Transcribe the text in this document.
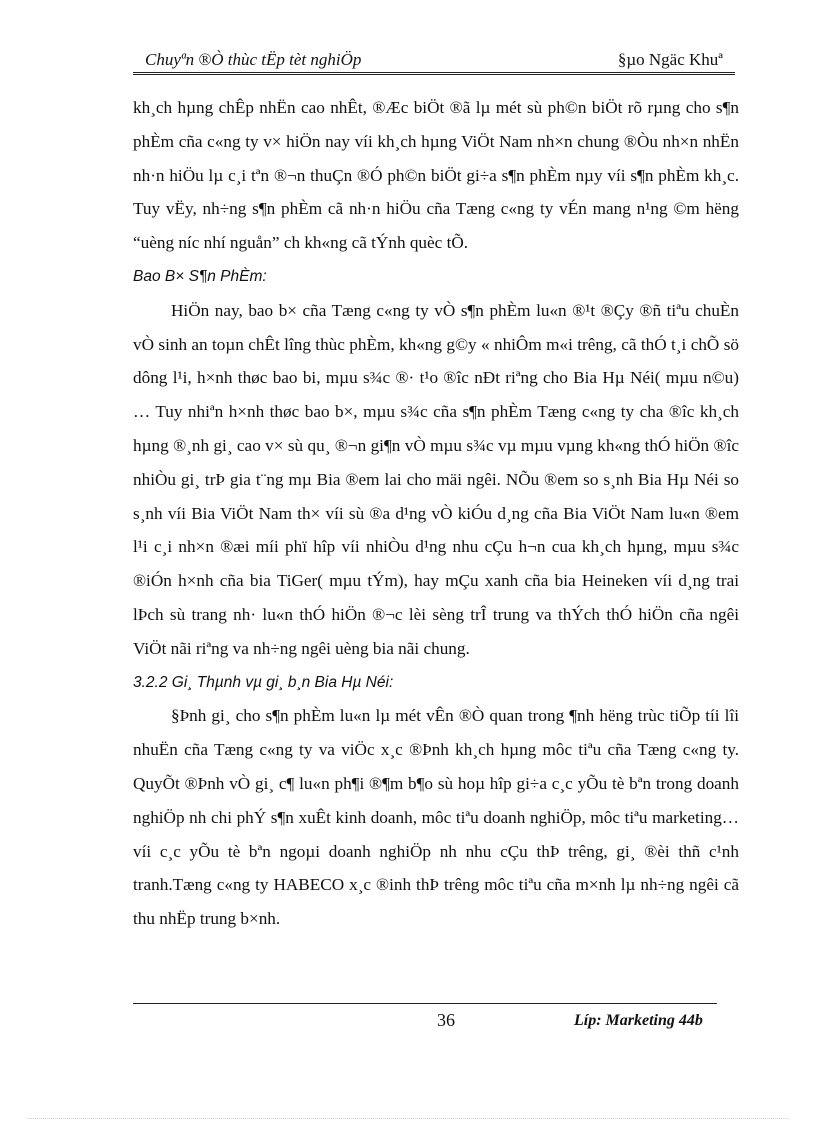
Chuyªn ®Ò thùc tËp tèt nghiÖp	§µo Ngäc Khuª

kh¸ch hµng chÊp nhËn cao nhÊt, ®Æc biÖt ®ã lµ mét sù ph©n biÖt rõ rµng cho s¶n phÈm cña c«ng ty v× hiÖn nay víi kh¸ch hµng ViÖt Nam nh×n chung ®Òu nh×n nhËn nh·n hiÖu lµ c¸i tªn ®¬n thuÇn ®Ó ph©n biÖt gi÷a s¶n phÈm nµy víi s¶n phÈm kh¸c. Tuy vËy, nh÷ng s¶n phÈm cã nh·n hiÖu cña Tæng c«ng ty vÉn mang n¹ng ©m hëng “uèng níc nhí nguån” ch kh«ng cã tÝnh quèc tÕ.

Bao B× S¶n PhÈm:

HiÖn nay, bao b× cña Tæng c«ng ty vÒ s¶n phÈm lu«n ®¹t ®Çy ®ñ tiªu chuÈn vÒ sinh an toµn chÊt lîng thùc phÈm, kh«ng g©y « nhiÔm m«i trêng, cã thÓ t¸i chÕ sö dông l¹i, h×nh thøc bao bi, mµu s¾c ®· t¹o ®îc nÐt riªng cho Bia Hµ Néi( mµu n©u) … Tuy nhiªn h×nh thøc bao b×, mµu s¾c cña s¶n phÈm Tæng c«ng ty cha ®îc kh¸ch hµng ®¸nh gi¸ cao v× sù qu¸ ®¬n gi¶n vÒ mµu s¾c vµ mµu vµng kh«ng thÓ hiÖn ®îc nhiÒu gi¸ trÞ gia t¨ng mµ Bia ®em lai cho mäi ngêi. NÕu ®em so s¸nh Bia Hµ Néi so s¸nh víi Bia ViÖt Nam th× víi sù ®a d¹ng vÒ kiÓu d¸ng cña Bia ViÖt Nam lu«n ®em l¹i c¸i nh×n ®æi míi phï hîp víi nhiÒu d¹ng nhu cÇu h¬n cua kh¸ch hµng, mµu s¾c ®iÓn h×nh cña bia TiGer( mµu tÝm), hay mÇu xanh cña bia Heineken víi d¸ng trai lÞch sù trang nh· lu«n thÓ hiÖn ®¬c lèi sèng trÎ trung va thÝch thÓ hiÖn cña ngêi ViÖt nãi riªng va nh÷ng ngêi uèng bia nãi chung.

3.2.2 Gi¸ Thµnh vµ gi¸ b¸n Bia Hµ Néi:

§Þnh gi¸ cho s¶n phÈm lu«n lµ mét vÊn ®Ò quan trong ¶nh hëng trùc tiÕp tíi lîi nhuËn cña Tæng c«ng ty va viÖc x¸c ®Þnh kh¸ch hµng môc tiªu cña Tæng c«ng ty. QuyÕt ®Þnh vÒ gi¸ c¶ lu«n ph¶i ®¶m b¶o sù hoµ hîp gi÷a c¸c yÕu tè bªn trong doanh nghiÖp nh chi phÝ s¶n xuÊt kinh doanh, môc tiªu doanh nghiÖp, môc tiªu marketing…víi c¸c yÕu tè bªn ngoµi doanh nghiÖp nh nhu cÇu thÞ trêng, gi¸ ®èi thñ c¹nh tranh.Tæng c«ng ty HABECO x¸c ®inh thÞ trêng môc tiªu cña m×nh lµ nh÷ng ngêi cã thu nhËp trung b×nh.

36	Líp: Marketing 44b
